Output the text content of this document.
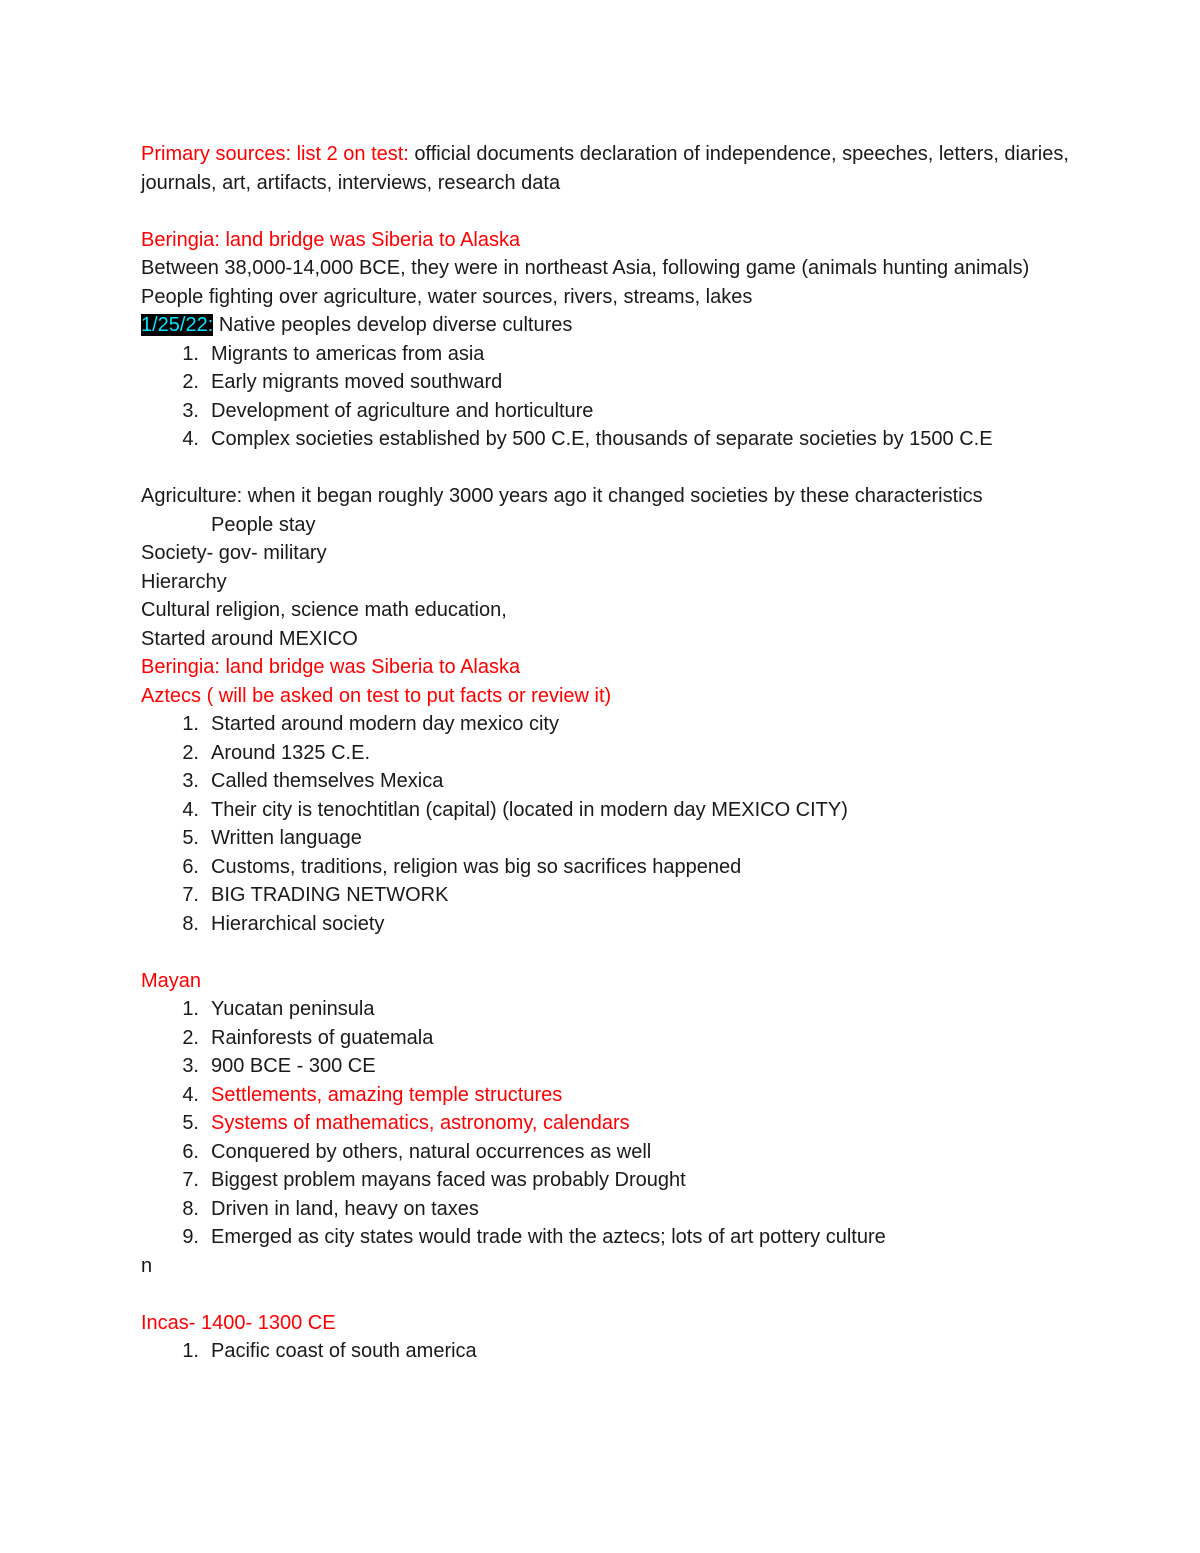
Primary sources: list 2 on test: official documents declaration of independence, speeches, letters, diaries, journals, art, artifacts, interviews, research data
Beringia: land bridge was Siberia to Alaska
Between 38,000-14,000 BCE, they were in northeast Asia, following game (animals hunting animals)
People fighting over agriculture, water sources, rivers, streams, lakes
1/25/22: Native peoples develop diverse cultures
1. Migrants to americas from asia
2. Early migrants moved southward
3. Development of agriculture and horticulture
4. Complex societies established by 500 C.E, thousands of separate societies by 1500 C.E
Agriculture: when it began roughly 3000 years ago it changed societies by these characteristics
People stay
Society- gov- military
Hierarchy
Cultural religion, science math education,
Started around MEXICO
Beringia: land bridge was Siberia to Alaska
Aztecs ( will be asked on test to put facts or review it)
1. Started around modern day mexico city
2. Around 1325 C.E.
3. Called themselves Mexica
4. Their city is tenochtitlan (capital) (located in modern day MEXICO CITY)
5. Written language
6. Customs, traditions, religion was big so sacrifices happened
7. BIG TRADING NETWORK
8. Hierarchical society
Mayan
1. Yucatan peninsula
2. Rainforests of guatemala
3. 900 BCE - 300 CE
4. Settlements, amazing temple structures
5. Systems of mathematics, astronomy, calendars
6. Conquered by others, natural occurrences as well
7. Biggest problem mayans faced was probably Drought
8. Driven in land, heavy on taxes
9. Emerged as city states would trade with the aztecs; lots of art pottery culture
n
Incas- 1400- 1300 CE
1. Pacific coast of south america
